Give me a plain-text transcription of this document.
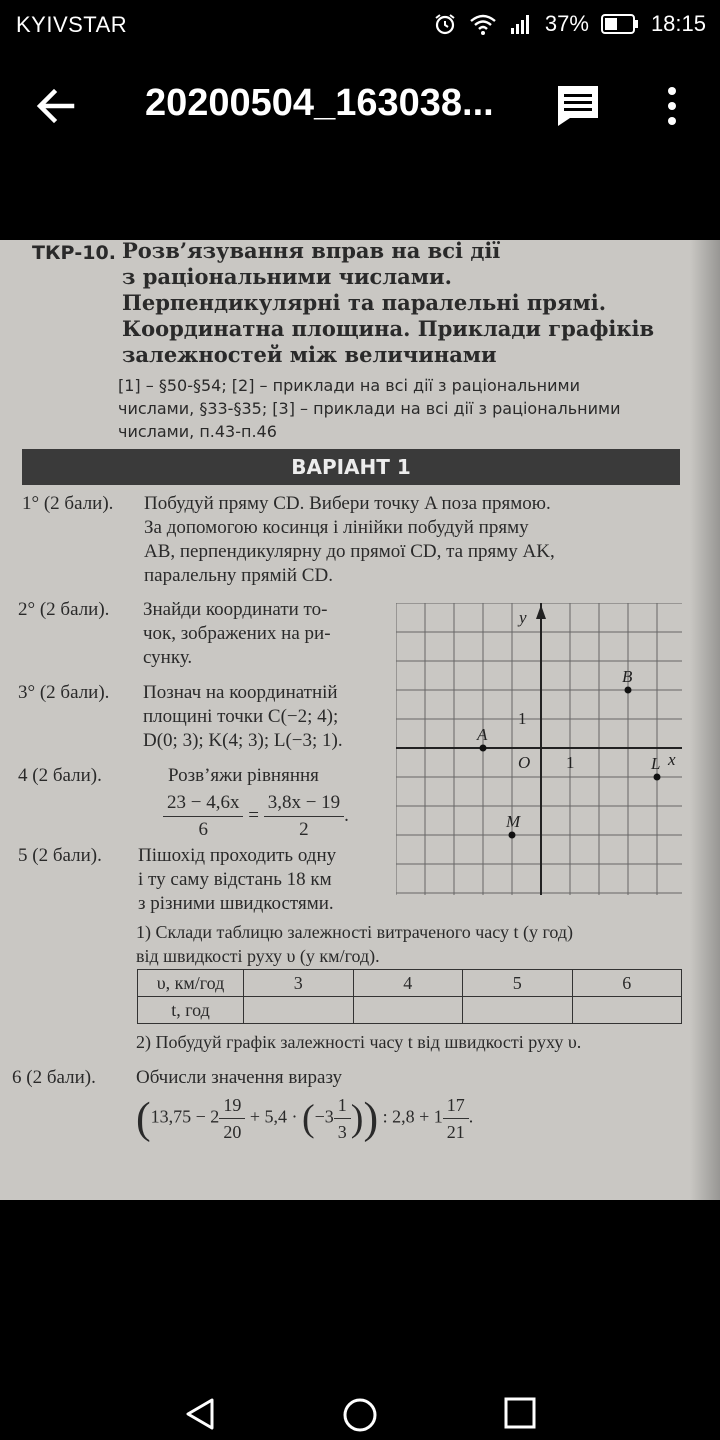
KYIVSTAR	37%	18:15
20200504_163038...
ТКР-10. Розв’язування вправ на всі дії
з раціональними числами.
Перпендикулярні та паралельні прямі.
Координатна площина. Приклади графіків
залежностей між величинами
[1] – §50-§54; [2] – приклади на всі дії з раціональними
числами, §33-§35; [3] – приклади на всі дії з раціональними
числами, п.43-п.46
ВАРІАНТ 1
1° (2 бали). Побудуй пряму CD. Вибери точку A поза прямою.
За допомогою косинця і лінійки побудуй пряму
AB, перпендикулярну до прямої CD, та пряму AK,
паралельну прямій CD.
2° (2 бали). Знайди координати то-
чок, зображених на ри-
сунку.
3° (2 бали). Познач на координатній
площині точки C(−2; 4);
D(0; 3); K(4; 3); L(−3; 1).
4 (2 бали).	Розв’яжи рівняння
$\frac{23 - 4,6x}{6} = \frac{3,8x - 19}{2}$ .
5 (2 бали). Пішохід проходить одну
і ту саму відстань 18 км
з різними швидкостями.
1) Склади таблицю залежності витраченого часу t (у год)
від швидкості руху υ (у км/год).
2) Побудуй графік залежності часу t від швидкості руху υ.
υ, км/год	3	4	5	6
t, год				
6 (2 бали). Обчисли значення виразу
($13,75 - 2 \frac{19}{20} + 5,4 \cdot (-3 \frac{1}{3}$ )) : $2,8 + 1 \frac{17}{21}$ .
y
x
O 1
1
A
B
L
M
